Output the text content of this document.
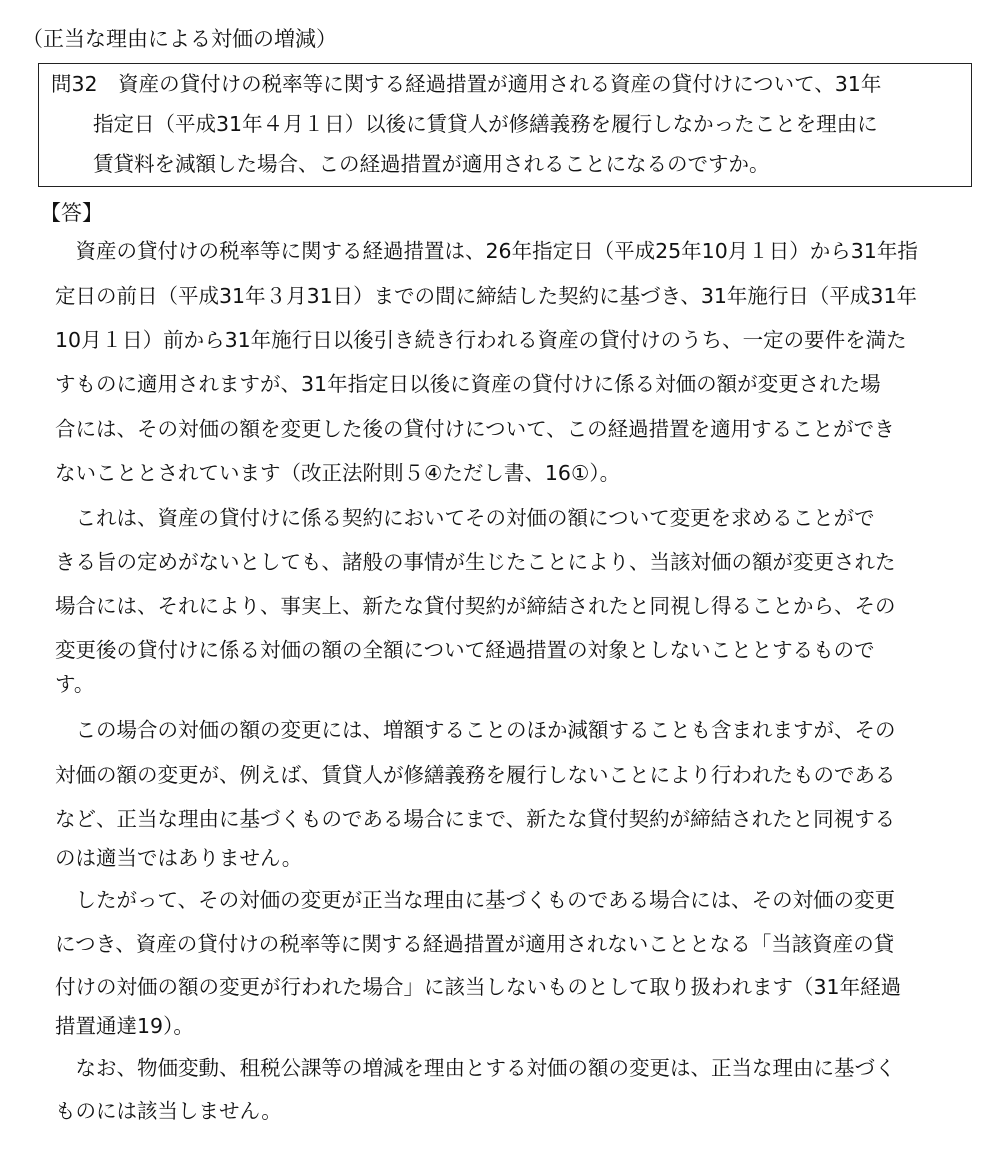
（正当な理由による対価の増減）
問32　資産の貸付けの税率等に関する経過措置が適用される資産の貸付けについて、31年
指定日（平成31年４月１日）以後に賃貸人が修繕義務を履行しなかったことを理由に
賃貸料を減額した場合、この経過措置が適用されることになるのですか。
【答】
　資産の貸付けの税率等に関する経過措置は、26年指定日（平成25年10月１日）から31年指
定日の前日（平成31年３月31日）までの間に締結した契約に基づき、31年施行日（平成31年
10月１日）前から31年施行日以後引き続き行われる資産の貸付けのうち、一定の要件を満た
すものに適用されますが、31年指定日以後に資産の貸付けに係る対価の額が変更された場
合には、その対価の額を変更した後の貸付けについて、この経過措置を適用することができ
ないこととされています（改正法附則５④ただし書、16①）。
　これは、資産の貸付けに係る契約においてその対価の額について変更を求めることがで
きる旨の定めがないとしても、諸般の事情が生じたことにより、当該対価の額が変更された
場合には、それにより、事実上、新たな貸付契約が締結されたと同視し得ることから、その
変更後の貸付けに係る対価の額の全額について経過措置の対象としないこととするもので
す。
　この場合の対価の額の変更には、増額することのほか減額することも含まれますが、その
対価の額の変更が、例えば、賃貸人が修繕義務を履行しないことにより行われたものである
など、正当な理由に基づくものである場合にまで、新たな貸付契約が締結されたと同視する
のは適当ではありません。
　したがって、その対価の変更が正当な理由に基づくものである場合には、その対価の変更
につき、資産の貸付けの税率等に関する経過措置が適用されないこととなる「当該資産の貸
付けの対価の額の変更が行われた場合」に該当しないものとして取り扱われます（31年経過
措置通達19）。
　なお、物価変動、租税公課等の増減を理由とする対価の額の変更は、正当な理由に基づく
ものには該当しません。
